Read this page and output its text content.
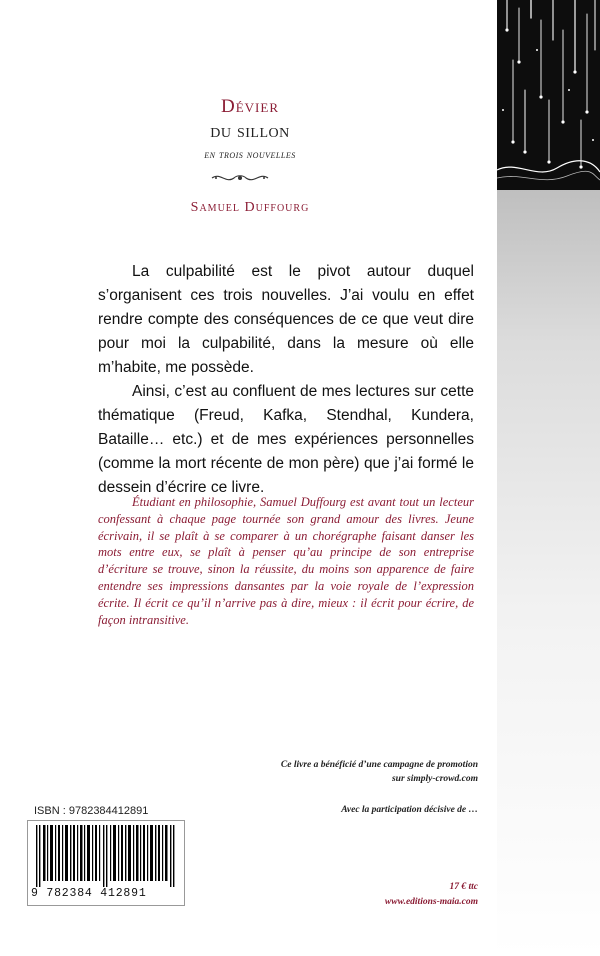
Dévier
du sillon
en trois nouvelles
Samuel Duffourg

La culpabilité est le pivot autour duquel s’organisent ces trois nouvelles. J’ai voulu en effet rendre compte des conséquences de ce que veut dire pour moi la culpabilité, dans la mesure où elle m’habite, me possède.

Ainsi, c’est au confluent de mes lectures sur cette thématique (Freud, Kafka, Stendhal, Kundera, Bataille… etc.) et de mes expériences personnelles (comme la mort récente de mon père) que j’ai formé le dessein d’écrire ce livre.

Étudiant en philosophie, Samuel Duffourg est avant tout un lecteur confessant à chaque page tournée son grand amour des livres. Jeune écrivain, il se plaît à se comparer à un chorégraphe faisant danser les mots entre eux, se plaît à penser qu’au principe de son entreprise d’écriture se trouve, sinon la réussite, du moins son apparence de faire entendre ses impressions dansantes par la voie royale de l’expression écrite. Il écrit ce qu’il n’arrive pas à dire, mieux : il écrit pour écrire, de façon intransitive.

Ce livre a bénéficié d’une campagne de promotion
sur simply-crowd.com
ISBN : 9782384412891	Avec la participation décisive de …
9 782384 412891	17 € ttc
www.editions-maia.com
